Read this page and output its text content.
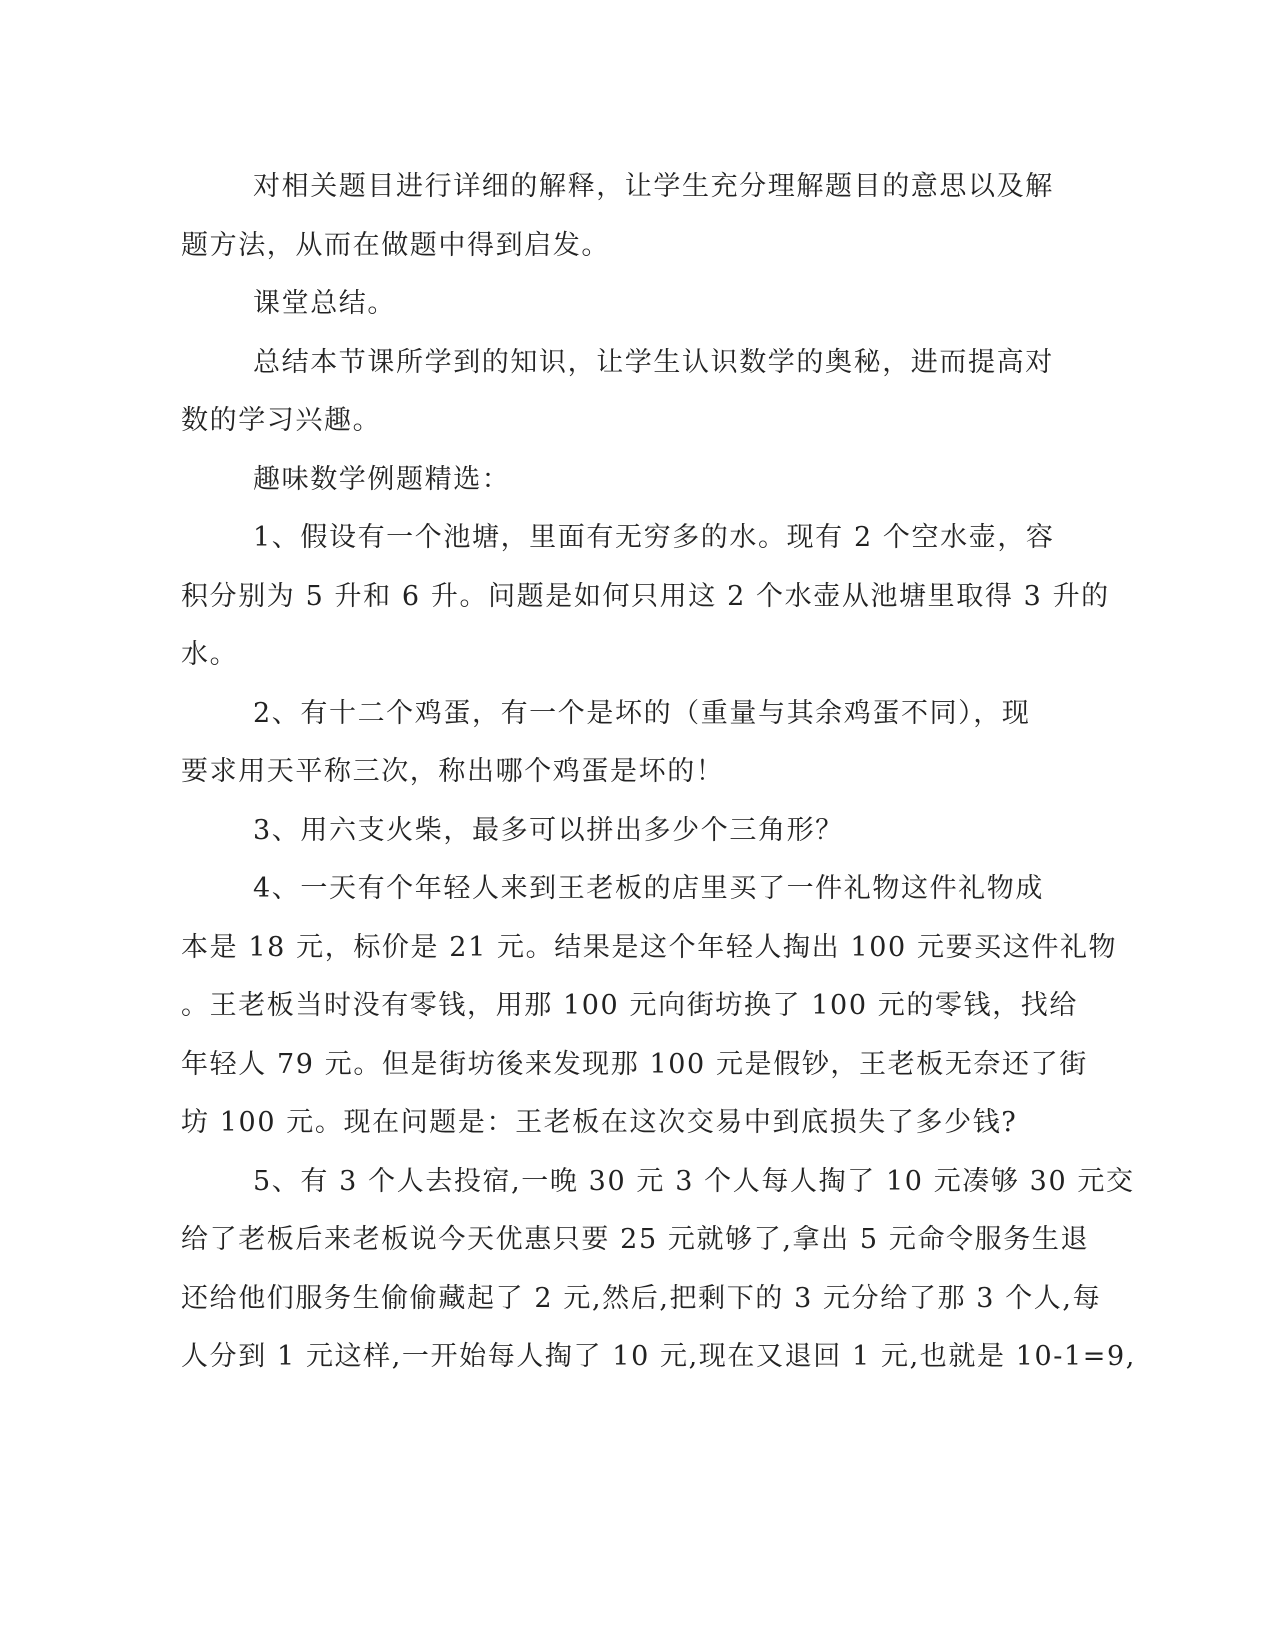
对相关题目进行详细的解释，让学生充分理解题目的意思以及解

题方法，从而在做题中得到启发。

课堂总结。

总结本节课所学到的知识，让学生认识数学的奥秘，进而提高对

数的学习兴趣。

趣味数学例题精选：

1、假设有一个池塘，里面有无穷多的水。现有 2 个空水壶，容

积分别为 5 升和 6 升。问题是如何只用这 2 个水壶从池塘里取得 3 升的

水。

2、有十二个鸡蛋，有一个是坏的（重量与其余鸡蛋不同），现

要求用天平称三次，称出哪个鸡蛋是坏的！

3、用六支火柴，最多可以拼出多少个三角形？

4、一天有个年轻人来到王老板的店里买了一件礼物这件礼物成

本是 18 元，标价是 21 元。结果是这个年轻人掏出 100 元要买这件礼物

。王老板当时没有零钱，用那 100 元向街坊换了 100 元的零钱，找给

年轻人 79 元。但是街坊後来发现那 100 元是假钞，王老板无奈还了街

坊 100 元。现在问题是：王老板在这次交易中到底损失了多少钱?

5、有 3 个人去投宿,一晚 30 元 3 个人每人掏了 10 元凑够 30 元交

给了老板后来老板说今天优惠只要 25 元就够了,拿出 5 元命令服务生退

还给他们服务生偷偷藏起了 2 元,然后,把剩下的 3 元分给了那 3 个人,每

人分到 1 元这样,一开始每人掏了 10 元,现在又退回 1 元,也就是 10-1=9,
